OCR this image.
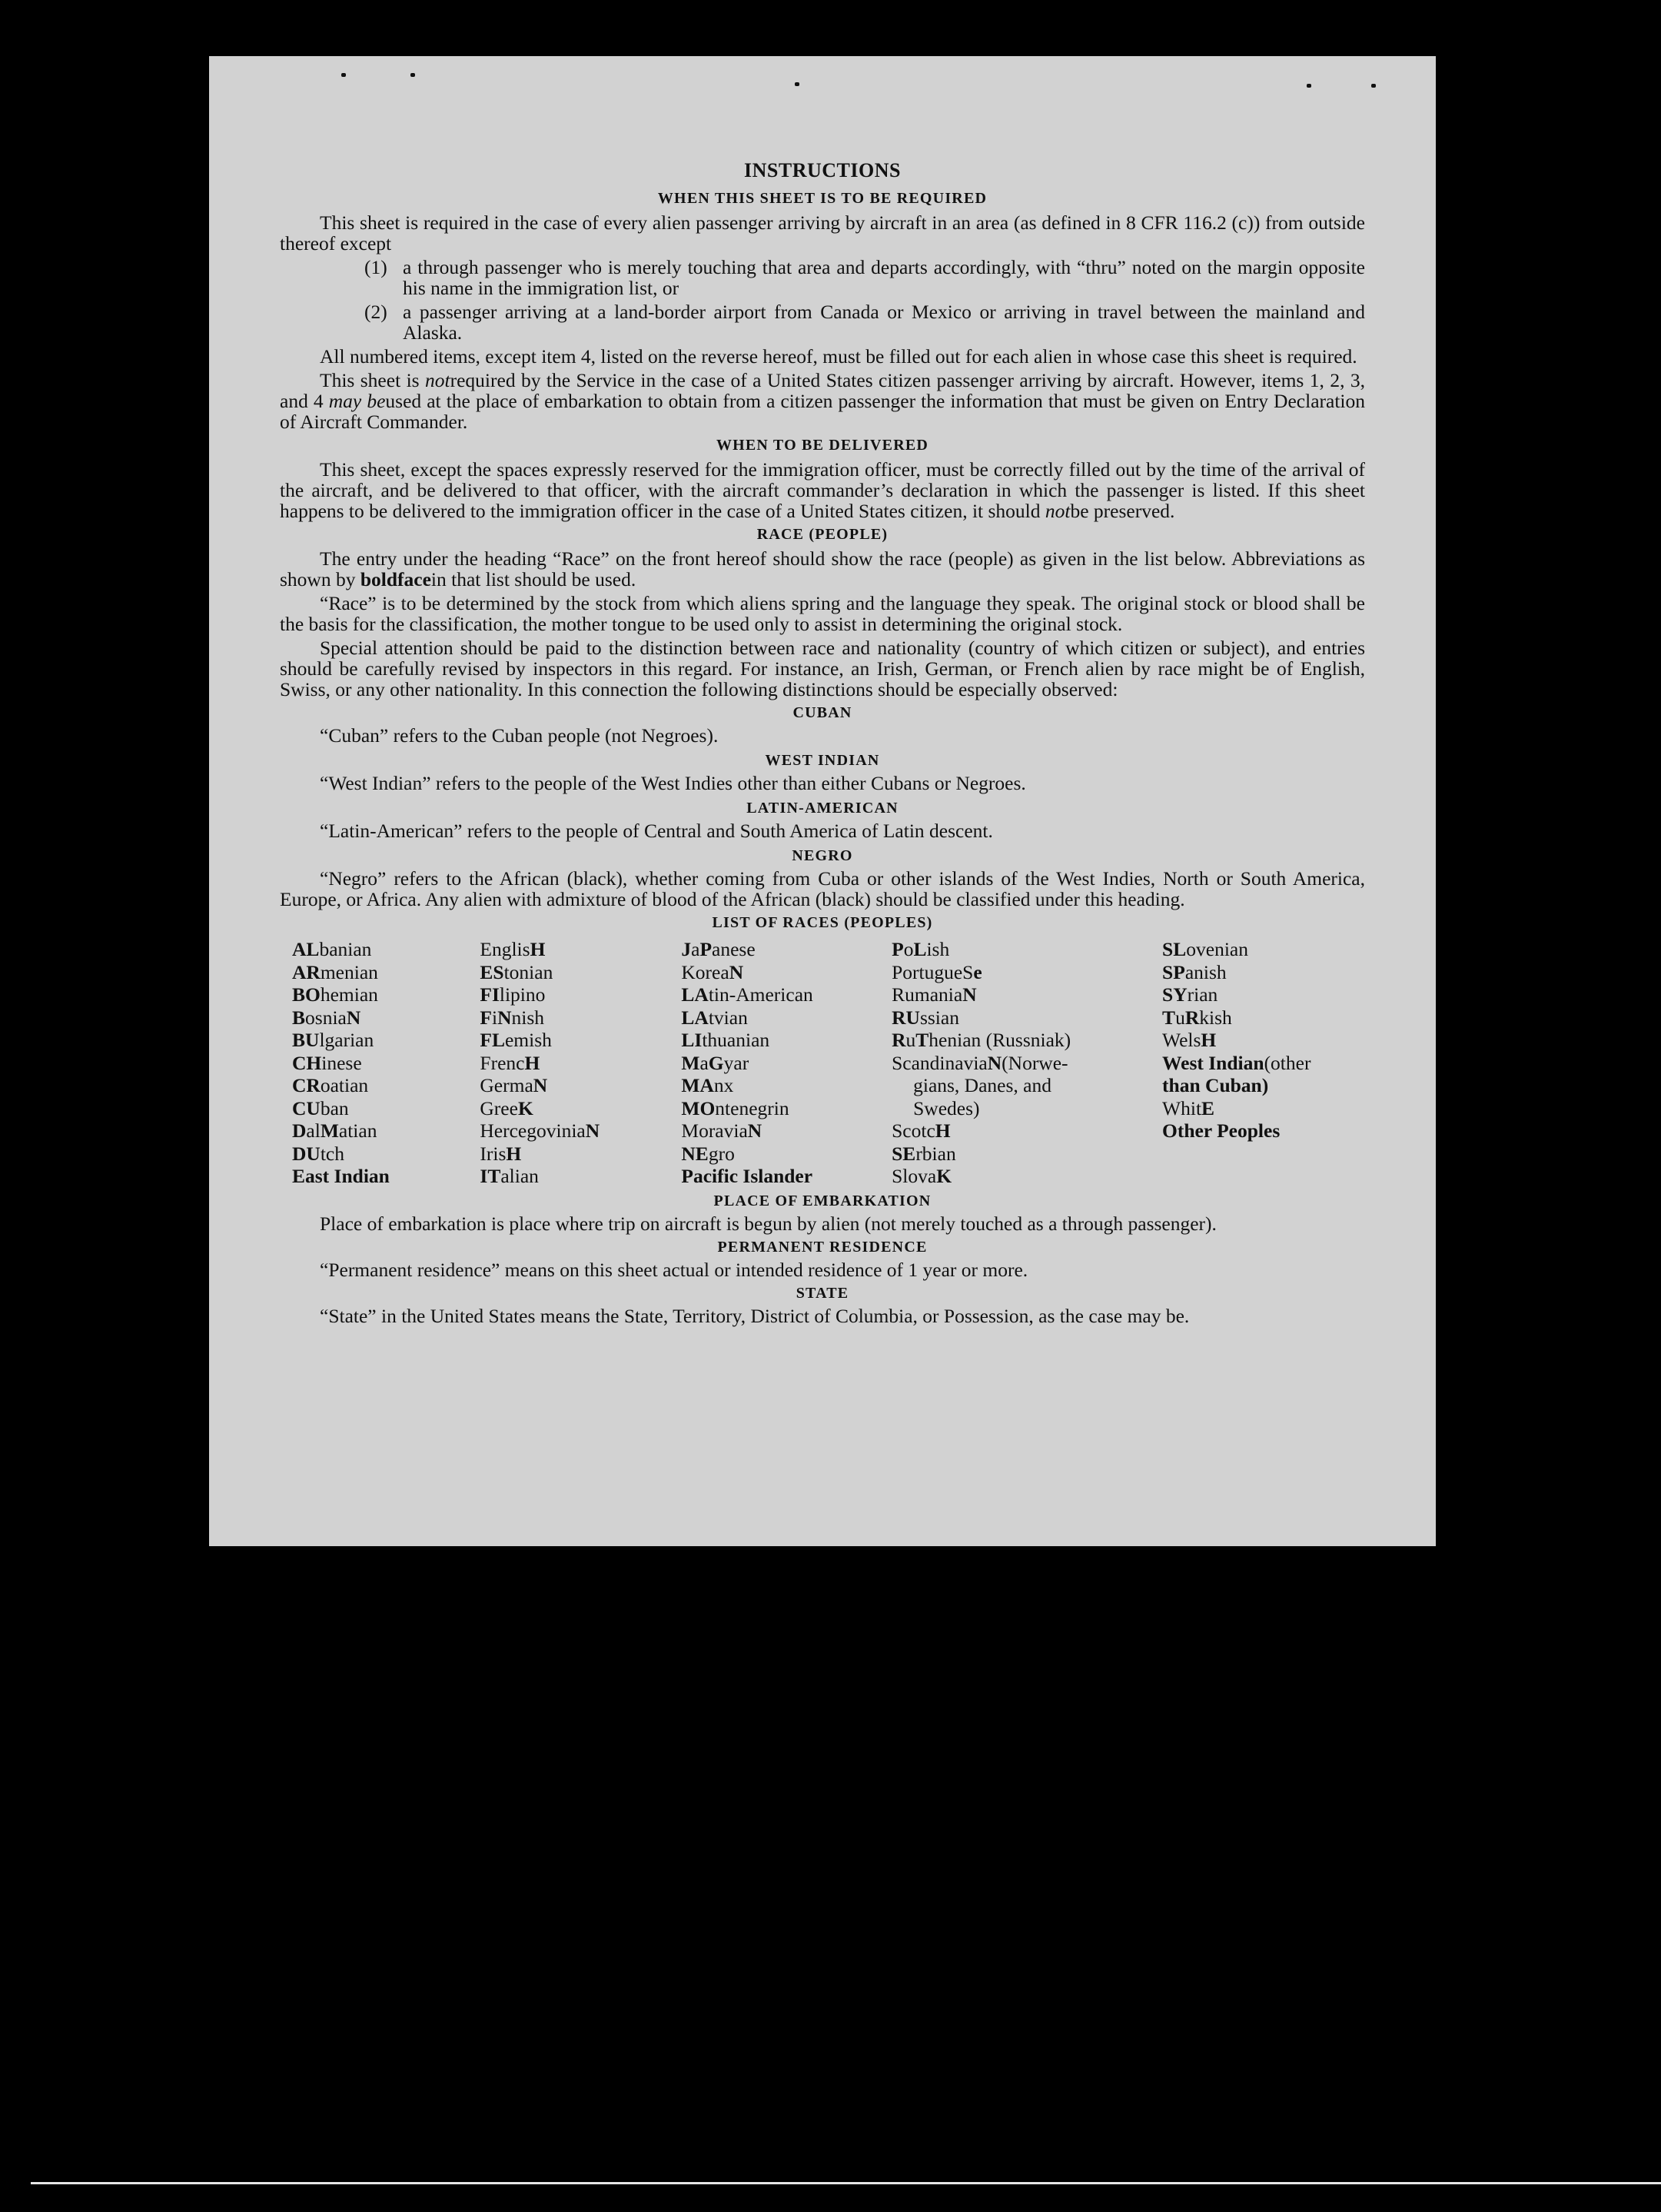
INSTRUCTIONS
WHEN THIS SHEET IS TO BE REQUIRED

This sheet is required in the case of every alien passenger arriving by aircraft in an area (as defined in 8 CFR 116.2 (c)) from outside thereof except

(1) a through passenger who is merely touching that area and departs accordingly, with “thru” noted on the margin opposite his name in the immigration list, or
(2) a passenger arriving at a land-border airport from Canada or Mexico or arriving in travel between the mainland and Alaska.

All numbered items, except item 4, listed on the reverse hereof, must be filled out for each alien in whose case this sheet is required.

This sheet is notrequired by the Service in the case of a United States citizen passenger arriving by aircraft. However, items 1, 2, 3, and 4 may beused at the place of embarkation to obtain from a citizen passenger the information that must be given on Entry Declaration of Aircraft Commander.

WHEN TO BE DELIVERED

This sheet, except the spaces expressly reserved for the immigration officer, must be correctly filled out by the time of the arrival of the aircraft, and be delivered to that officer, with the aircraft commander’s declaration in which the passenger is listed. If this sheet happens to be delivered to the immigration officer in the case of a United States citizen, it should notbe preserved.

RACE (PEOPLE)

The entry under the heading “Race” on the front hereof should show the race (people) as given in the list below. Abbreviations as shown by boldfacein that list should be used.

“Race” is to be determined by the stock from which aliens spring and the language they speak. The original stock or blood shall be the basis for the classification, the mother tongue to be used only to assist in determining the original stock.

Special attention should be paid to the distinction between race and nationality (country of which citizen or subject), and entries should be carefully revised by inspectors in this regard. For instance, an Irish, German, or French alien by race might be of English, Swiss, or any other nationality. In this connection the following distinctions should be especially observed:

CUBAN

“Cuban” refers to the Cuban people (not Negroes).

WEST INDIAN

“West Indian” refers to the people of the West Indies other than either Cubans or Negroes.

LATIN-AMERICAN

“Latin-American” refers to the people of Central and South America of Latin descent.

NEGRO

“Negro” refers to the African (black), whether coming from Cuba or other islands of the West Indies, North or South America, Europe, or Africa. Any alien with admixture of blood of the African (black) should be classified under this heading.

LIST OF RACES (PEOPLES)
ALbanian
ARmenian
BOhemian
BosniaN
BUlgarian
CHinese
CRoatian
CUban
DalMatian
DUtch
East Indian
EnglisH
EStonian
FIlipino
FiNnish
FLemish
FrencH
GermaN
GreeK
HercegoviniaN
IrisH
ITalian
JaPanese
KoreaN
LAtin-American
LAtvian
LIthuanian
MaGyar
MAnx
MOntenegrin
MoraviaN
NEgro
Pacific Islander
PoLish
PortugueSe
RumaniaN
RUssian
RuThenian (Russniak)
ScandinaviaN(Norwe-
gians, Danes, and
Swedes)
ScotcH
SErbian
SlovaK
SLovenian
SPanish
SYrian
TuRkish
WelsH
West Indian(other
than Cuban)
WhitE
Other Peoples
PLACE OF EMBARKATION

Place of embarkation is place where trip on aircraft is begun by alien (not merely touched as a through passenger).

PERMANENT RESIDENCE

“Permanent residence” means on this sheet actual or intended residence of 1 year or more.

STATE

“State” in the United States means the State, Territory, District of Columbia, or Possession, as the case may be.
